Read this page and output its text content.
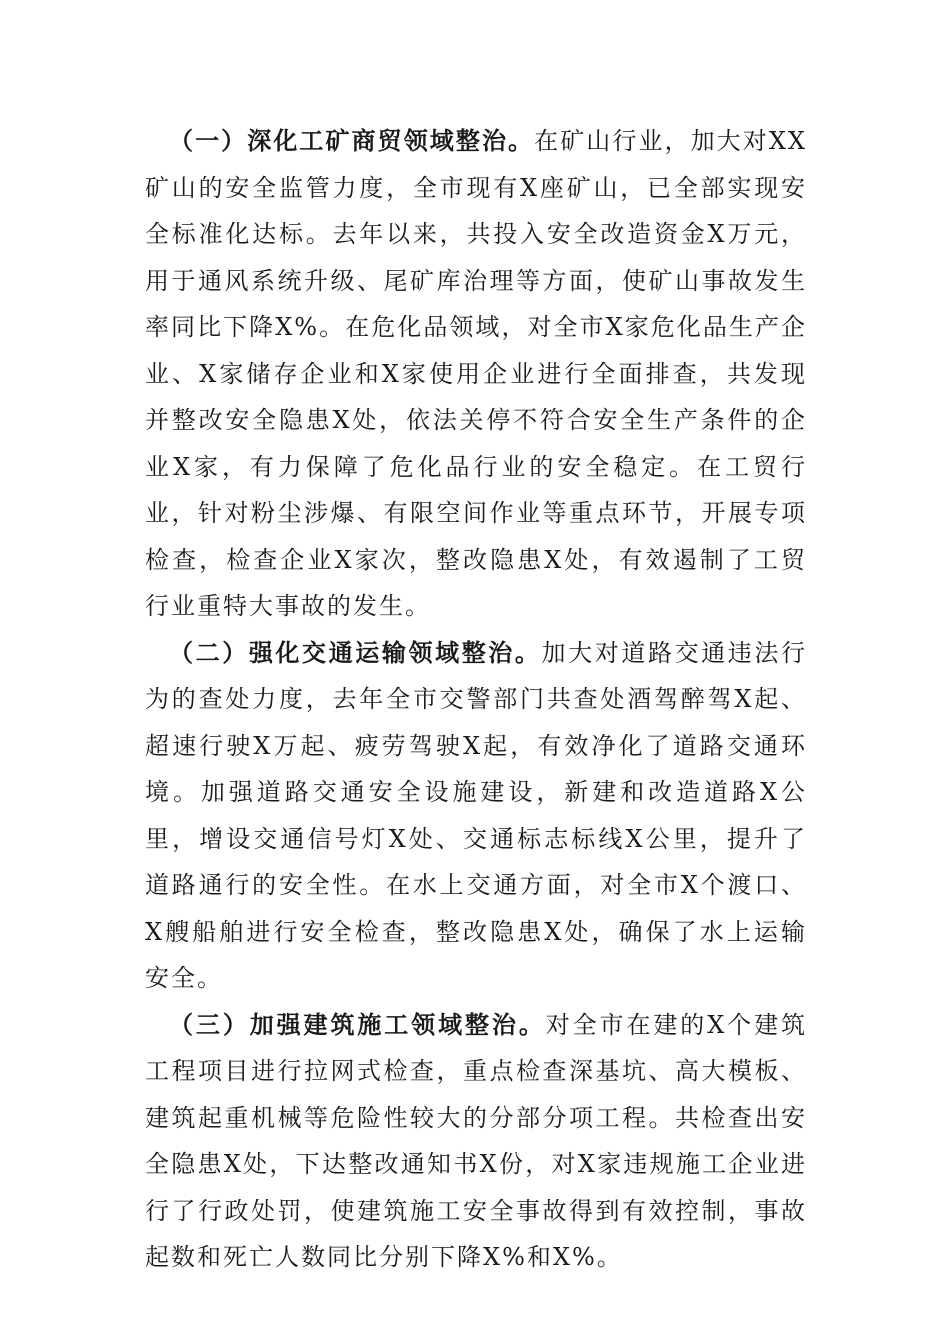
（一）深化工矿商贸领域整治。在矿山行业，加大对XX矿山的安全监管力度，全市现有X座矿山，已全部实现安全标准化达标。去年以来，共投入安全改造资金X万元，用于通风系统升级、尾矿库治理等方面，使矿山事故发生率同比下降X%。在危化品领域，对全市X家危化品生产企业、X家储存企业和X家使用企业进行全面排查，共发现并整改安全隐患X处，依法关停不符合安全生产条件的企业X家，有力保障了危化品行业的安全稳定。在工贸行业，针对粉尘涉爆、有限空间作业等重点环节，开展专项检查，检查企业X家次，整改隐患X处，有效遏制了工贸行业重特大事故的发生。

（二）强化交通运输领域整治。加大对道路交通违法行为的查处力度，去年全市交警部门共查处酒驾醉驾X起、超速行驶X万起、疲劳驾驶X起，有效净化了道路交通环境。加强道路交通安全设施建设，新建和改造道路X公里，增设交通信号灯X处、交通标志标线X公里，提升了道路通行的安全性。在水上交通方面，对全市X个渡口、X艘船舶进行安全检查，整改隐患X处，确保了水上运输安全。

（三）加强建筑施工领域整治。对全市在建的X个建筑工程项目进行拉网式检查，重点检查深基坑、高大模板、建筑起重机械等危险性较大的分部分项工程。共检查出安全隐患X处，下达整改通知书X份，对X家违规施工企业进行了行政处罚，使建筑施工安全事故得到有效控制，事故起数和死亡人数同比分别下降X%和X%。
